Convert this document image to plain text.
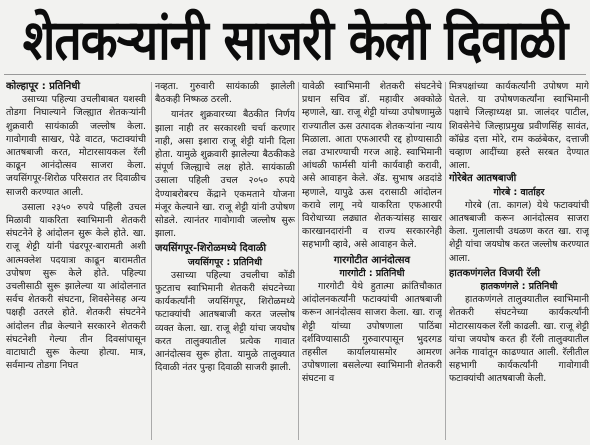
शेतकऱ्यांनी साजरी केली दिवाळी
कोल्हापूर : प्रतिनिधी

उसाच्या पहिल्या उचलीबाबत यशस्वी तोडगा निघाल्याने जिल्ह्यात शेतकऱ्यांनी शुक्रवारी सायंकाळी जल्लोष केला. गावोगावी साखर, पेढे वाटत, फटाक्यांची आतषबाजी करत, मोटारसायकल रॅली काढून आनंदोत्सव साजरा केला. जयसिंगपूर-शिरोळ परिसरात तर दिवाळीच साजरी करण्यात आली.

उसाला २३५० रुपये पहिली उचल मिळावी याकरिता स्वाभिमानी शेतकरी संघटनेने हे आंदोलन सुरू केले होते. खा. राजू शेट्टी यांनी पंढरपूर-बारामती अशी आत्मक्लेश पदयात्रा काढून बारामतीत उपोषण सुरू केले होते. पहिल्या उचलीसाठी सुरू झालेल्या या आंदोलनात सर्वच शेतकरी संघटना, शिवसेनेसह अन्य पक्षही उतरले होते. शेतकरी संघटनेने आंदोलन तीव्र केल्याने सरकारने शेतकरी संघटनेशी गेल्या तीन दिवसांपासून वाटाघाटी सुरू केल्या होत्या. मात्र, सर्वमान्य तोडगा निघत

नव्हता. गुरुवारी सायंकाळी झालेली बैठकही निष्फळ ठरली.

यानंतर शुक्रवारच्या बैठकीत निर्णय झाला नाही तर सरकारशी चर्चा करणार नाही, असा इशारा राजू शेट्टी यांनी दिला होता. यामुळे शुक्रवारी झालेल्या बैठकीकडे संपूर्ण जिल्ह्याचे लक्ष होते. सायंकाळी उसाला पहिली उचल २०५० रुपये देण्याबरोबरच केंद्राने एकमताने योजना मंजूर केल्याने खा. राजू शेट्टी यांनी उपोषण सोडले. त्यानंतर गावोगावी जल्लोष सुरू झाला.

जयसिंगपूर-शिरोळमध्ये दिवाळी
जयसिंगपूर : प्रतिनिधी

उसाच्या पहिल्या उचलीचा कोंडी फुटताच स्वाभिमानी शेतकरी संघटनेच्या कार्यकर्त्यांनी जयसिंगपूर, शिरोळमध्ये फटाक्यांची आतषबाजी करत जल्लोष व्यक्त केला. खा. राजू शेट्टी यांचा जयघोष करत तालुक्यातील प्रत्येक गावात आनंदोत्सव सुरू होता. यामुळे तालुक्यात दिवाळी नंतर पुन्हा दिवाळी साजरी झाली.

यावेळी स्वाभिमानी शेतकरी संघटनेचे प्रधान सचिव डॉ. महावीर अक्कोळे म्हणाले, खा. राजू शेट्टी यांच्या उपोषणामुळे राज्यातील ऊस उत्पादक शेतकऱ्यांना न्याय मिळाला. आता एफआरपी रद्द होण्यासाठी लढा उभारण्याची गरज आहे. स्वाभिमानी आंधळी फार्मसी यांनी कार्यवाही करावी, असे आवाहन केले. ॲड. सुभाष अडदांडे म्हणाले, यापुढे ऊस दरासाठी आंदोलन करावे लागू नये याकरिता एफआरपी विरोधाच्या लढ्यात शेतकऱ्यांसह साखर कारखानदारांनी व राज्य सरकारनेही सहभागी व्हावे, असे आवाहन केले.

गारगोटीत आनंदोत्सव
गारगोटी : प्रतिनिधी

गारगोटी येथे हुतात्मा क्रांतिचौकात आंदोलनकर्त्यांनी फटाक्यांची आतषबाजी करून आनंदोत्सव साजरा केला. खा. राजू शेट्टी यांच्या उपोषणाला पाठिंबा दर्शविण्यासाठी गुरुवारपासून भुदरगड तहसील कार्यालयासमोर आमरण उपोषणाला बसलेल्या स्वाभिमानी शेतकरी संघटना व

मित्रपक्षांच्या कार्यकर्त्यांनी उपोषण मागे घेतले. या उपोषणकर्त्यांना स्वाभिमानी पक्षाचे जिल्हाध्यक्ष प्रा. जालंदर पाटील, शिवसेनेचे जिल्हाप्रमुख प्रवीणसिंह सावंत, कॉम्रेड दत्ता मोरे, राम कळंबेकर, दत्ताजी चव्हाण आदींच्या हस्ते सरबत देण्यात आला.

गोरेबेत आतषबाजी
गोरबे : वार्ताहर

गोरबे (ता. कागल) येथे फटाक्यांची आतषबाजी करून आनंदोत्सव साजरा केला. गुलालाची उधळण करत खा. राजू शेट्टी यांचा जयघोष करत जल्लोष करण्यात आला.

हातकणंगलेत विजयी रॅली
हातकणंगले : प्रतिनिधी

हातकणंगले तालुक्यातील स्वाभिमानी शेतकरी संघटनेच्या कार्यकर्त्यांनी मोटारसायकल रॅली काढली. खा. राजू शेट्टी यांचा जयघोष करत ही रॅली तालुक्यातील अनेक गावांतून काढण्यात आली. रॅलीतील सहभागी कार्यकर्त्यांनी गावोगावी फटाक्यांची आतषबाजी केली.
